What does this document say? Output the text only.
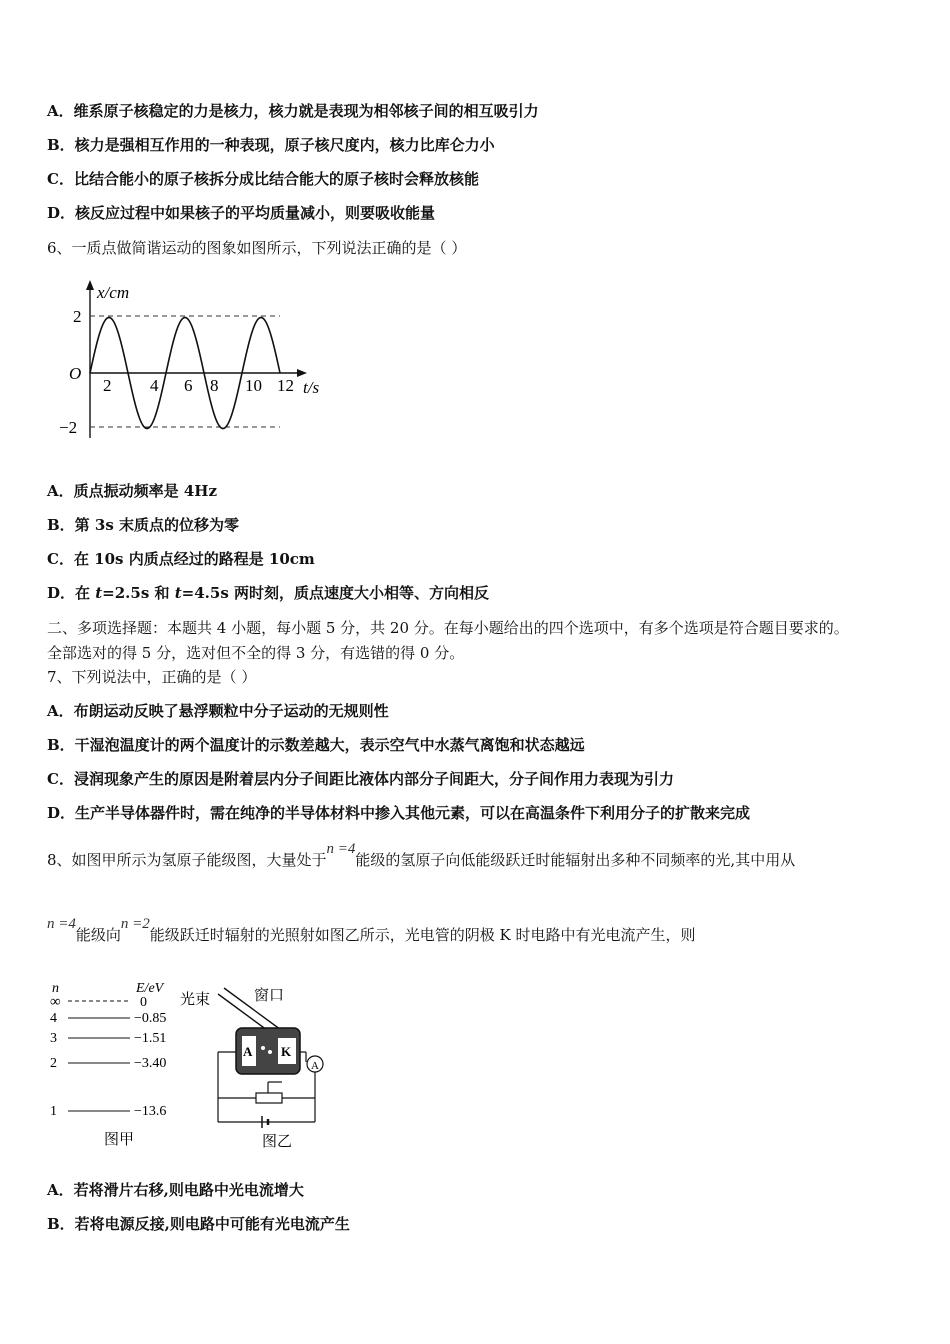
A．维系原子核稳定的力是核力，核力就是表现为相邻核子间的相互吸引力
B．核力是强相互作用的一种表现，原子核尺度内，核力比库仑力小
C．比结合能小的原子核拆分成比结合能大的原子核时会释放核能
D．核反应过程中如果核子的平均质量减小，则要吸收能量
6、一质点做简谐运动的图象如图所示，下列说法正确的是（ ）
x/cm
t/s
O
2
−2
2 4 6 8 10 12
A．质点振动频率是 4Hz
B．第 3s 末质点的位移为零
C．在 10s 内质点经过的路程是 10cm
D．在 t=2.5s 和 t=4.5s 两时刻，质点速度大小相等、方向相反
二、多项选择题：本题共 4 小题，每小题 5 分，共 20 分。在每小题给出的四个选项中，有多个选项是符合题目要求的。
全部选对的得 5 分，选对但不全的得 3 分，有选错的得 0 分。
7、下列说法中，正确的是（ ）
A．布朗运动反映了悬浮颗粒中分子运动的无规则性
B．干湿泡温度计的两个温度计的示数差越大，表示空气中水蒸气离饱和状态越远
C．浸润现象产生的原因是附着层内分子间距比液体内部分子间距大，分子间作用力表现为引力
D．生产半导体器件时，需在纯净的半导体材料中掺入其他元素，可以在高温条件下利用分子的扩散来完成
8、如图甲所示为氢原子能级图，大量处于n =4能级的氢原子向低能级跃迁时能辐射出多种不同频率的光,其中用从
n =4能级向n =2能级跃迁时辐射的光照射如图乙所示，光电管的阴极 K 时电路中有光电流产生，则
n	E/eV
∞	0
4	−0.85
3	−1.51
2	−3.40
1	−13.6
图甲
光束	窗口
A K
A
图乙
A．若将滑片右移,则电路中光电流增大
B．若将电源反接,则电路中可能有光电流产生
